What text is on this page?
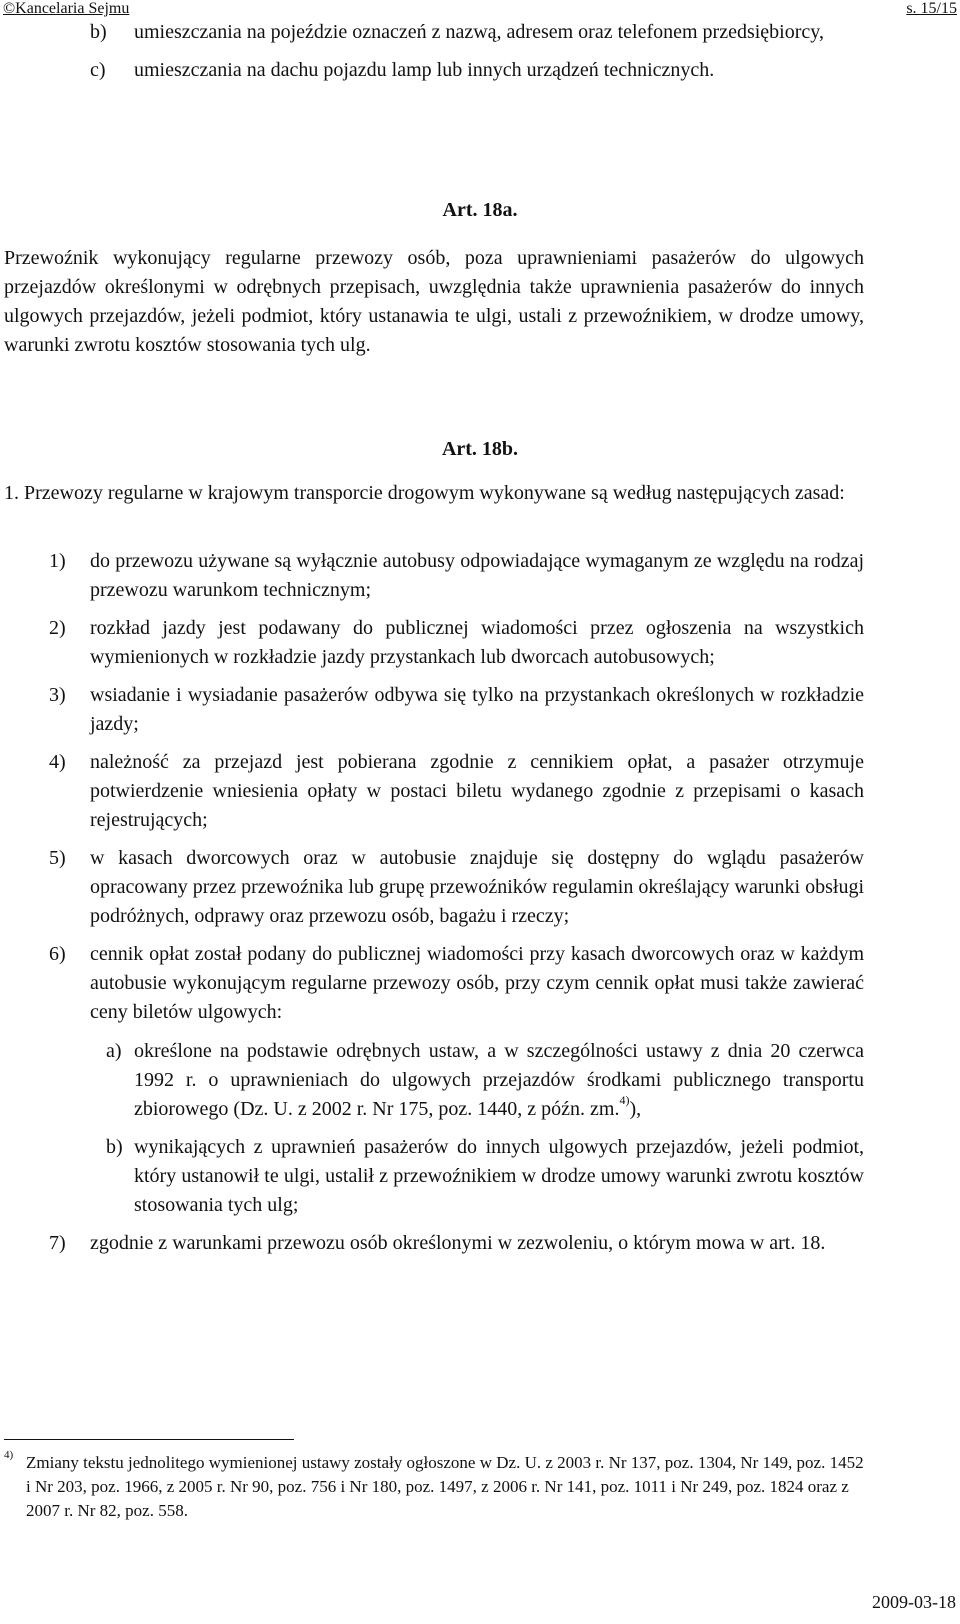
©Kancelaria Sejmu	s. 15/15
b) umieszczania na pojeździe oznaczeń z nazwą, adresem oraz telefonem przedsiębiorcy,
c) umieszczania na dachu pojazdu lamp lub innych urządzeń technicznych.
Art. 18a.
Przewoźnik wykonujący regularne przewozy osób, poza uprawnieniami pasażerów do ulgowych przejazdów określonymi w odrębnych przepisach, uwzględnia także uprawnienia pasażerów do innych ulgowych przejazdów, jeżeli podmiot, który ustanawia te ulgi, ustali z przewoźnikiem, w drodze umowy, warunki zwrotu kosztów stosowania tych ulg.
Art. 18b.
1. Przewozy regularne w krajowym transporcie drogowym wykonywane są według następujących zasad:
1) do przewozu używane są wyłącznie autobusy odpowiadające wymaganym ze względu na rodzaj przewozu warunkom technicznym;
2) rozkład jazdy jest podawany do publicznej wiadomości przez ogłoszenia na wszystkich wymienionych w rozkładzie jazdy przystankach lub dworcach autobusowych;
3) wsiadanie i wysiadanie pasażerów odbywa się tylko na przystankach określonych w rozkładzie jazdy;
4) należność za przejazd jest pobierana zgodnie z cennikiem opłat, a pasażer otrzymuje potwierdzenie wniesienia opłaty w postaci biletu wydanego zgodnie z przepisami o kasach rejestrujących;
5) w kasach dworcowych oraz w autobusie znajduje się dostępny do wglądu pasażerów opracowany przez przewoźnika lub grupę przewoźników regulamin określający warunki obsługi podróżnych, odprawy oraz przewozu osób, bagażu i rzeczy;
6) cennik opłat został podany do publicznej wiadomości przy kasach dworcowych oraz w każdym autobusie wykonującym regularne przewozy osób, przy czym cennik opłat musi także zawierać ceny biletów ulgowych:
a) określone na podstawie odrębnych ustaw, a w szczególności ustawy z dnia 20 czerwca 1992 r. o uprawnieniach do ulgowych przejazdów środkami publicznego transportu zbiorowego (Dz. U. z 2002 r. Nr 175, poz. 1440, z późn. zm.$^{4)}$),
b) wynikających z uprawnień pasażerów do innych ulgowych przejazdów, jeżeli podmiot, który ustanowił te ulgi, ustalił z przewoźnikiem w drodze umowy warunki zwrotu kosztów stosowania tych ulg;
7) zgodnie z warunkami przewozu osób określonymi w zezwoleniu, o którym mowa w art. 18.
4) Zmiany tekstu jednolitego wymienionej ustawy zostały ogłoszone w Dz. U. z 2003 r. Nr 137, poz. 1304, Nr 149, poz. 1452 i Nr 203, poz. 1966, z 2005 r. Nr 90, poz. 756 i Nr 180, poz. 1497, z 2006 r. Nr 141, poz. 1011 i Nr 249, poz. 1824 oraz z 2007 r. Nr 82, poz. 558.
2009-03-18
